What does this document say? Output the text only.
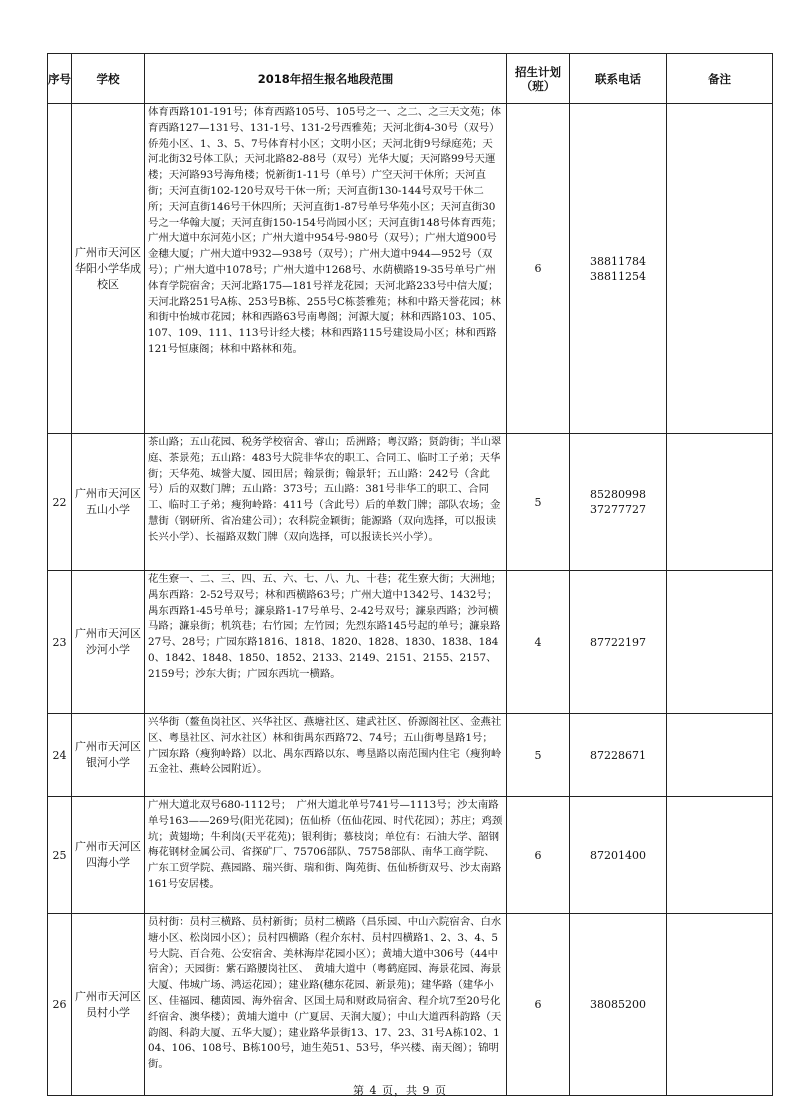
序号	学校	2018年招生报名地段范围	招生计划（班）	联系电话	备注
	广州市天河区华阳小学华成校区	体育西路101-191号；体育西路105号、105号之一、之二、之三天文苑；体育西路127—131号、131-1号、131-2号西雅苑；天河北街4-30号（双号）侨苑小区、1、3、5、7号体育村小区；文明小区；天河北街9号绿庭苑；天河北街32号体工队；天河北路82-88号（双号）光华大厦；天河路99号天運楼；天河路93号海角楼；悦新街1-11号（单号）广空天河干休所；天河直街；天河直街102-120号双号干休一所；天河直街130-144号双号干休二所；天河直街146号干休四所；天河直街1-87号单号华苑小区；天河直街30号之一华翰大厦；天河直街150-154号尚园小区；天河直街148号体育西苑；广州大道中东河苑小区；广州大道中954号-980号（双号）；广州大道900号金穗大厦；广州大道中932—938号（双号）；广州大道中944—952号（双号）；广州大道中1078号；广州大道中1268号、水荫横路19-35号单号广州体育学院宿舍；天河北路175—181号祥龙花园；天河北路233号中信大厦；天河北路251号A栋、253号B栋、255号C栋荟雅苑；林和中路天誉花园；林和街中怡城市花园；林和西路63号南粤阁；河源大厦；林和西路103、105、107、109、111、113号计经大楼；林和西路115号建设局小区；林和西路121号恒康阁；林和中路林和苑。	6	38811784
38811254	

22	广州市天河区五山小学	茶山路；五山花园、税务学校宿舍、睿山；岳洲路；粤汉路；贤韵街；半山翠庭、茶景苑；五山路：483号大院非华农的职工、合同工、临时工子弟；天华街；天华苑、城誉大厦、园田居；翰景街；翰景轩；五山路：242号（含此号）后的双数门牌；五山路：373号；五山路：381号非华工的职工、合同工、临时工子弟；瘦狗岭路：411号（含此号）后的单数门牌；部队农场；金慧街（钢研所、省冶建公司）；农科院金颖街；能源路（双向选择，可以报读长兴小学）、长福路双数门牌（双向选择，可以报读长兴小学）。	5	85280998
37277727	

23	广州市天河区沙河小学	花生寮一、二、三、四、五、六、七、八、九、十巷；花生寮大街；大洲地；禺东西路：2-52号双号；林和西横路63号；广州大道中1342号、1432号；禺东西路1-45号单号；濂泉路1-17号单号、2-42号双号；濂泉西路；沙河横马路；濂泉街；机筑巷；右竹园；左竹园；先烈东路145号起的单号；濂泉路27号、28号；广园东路1816、1818、1820、1828、1830、1838、1840、1842、1848、1850、1852、2133、2149、2151、2155、2157、2159号；沙东大街；广园东西坑一横路。	4	87722197	

24	广州市天河区银河小学	兴华街（鳌鱼岗社区、兴华社区、燕塘社区、建武社区、侨源阁社区、金燕社区、粤垦社区、河水社区）林和街禺东西路72、74号；五山街粤垦路1号；广园东路（瘦狗岭路）以北、禺东西路以东、粤垦路以南范围内住宅（瘦狗岭五金社、燕岭公园附近）。	5	87228671	

25	广州市天河区四海小学	广州大道北双号680-1112号；　广州大道北单号741号—1113号；沙太南路单号163——269号(阳光花园)；伍仙桥（伍仙花园、时代花园）；苏庄；鸡颈坑；黄翅坳；牛利岗(天平花苑)；银利街；慕枝岗；单位有：石油大学、韶钢梅花钢材金属公司、省探矿厂、75706部队、75758部队、南华工商学院、广东工贸学院、燕园路、瑞兴街、瑞和街、陶苑街、伍仙桥街双号、沙太南路161号安居楼。	6	87201400	

26	广州市天河区员村小学	员村街：员村三横路、员村新街；员村二横路（昌乐园、中山六院宿舍、白水塘小区、松岗园小区）；员村四横路（程介东村、员村四横路1、2、3、4、5号大院、百合苑、公安宿舍、美林海岸花园小区）；黄埔大道中306号（44中宿舍）；天园街：紫石路腰岗社区、　黄埔大道中（粤鹤庭园、海景花园、海景大厦、伟城广场、鸿运花园）；建业路(穗东花园、新景苑)；建华路（建华小区、佳福园、穗茵园、海外宿舍、区国土局和财政局宿舍、程介坑7至20号化纤宿舍、澳华楼）；黄埔大道中（广夏居、天润大厦）；中山大道西科韵路（天韵阁、科韵大厦、五华大厦）；建业路华景街13、17、23、31号A栋102、104、106、108号、B栋100号，迪生苑51、53号，华兴楼、南天阁）；锦明街。	6	38085200	

第 4 页，共 9 页
